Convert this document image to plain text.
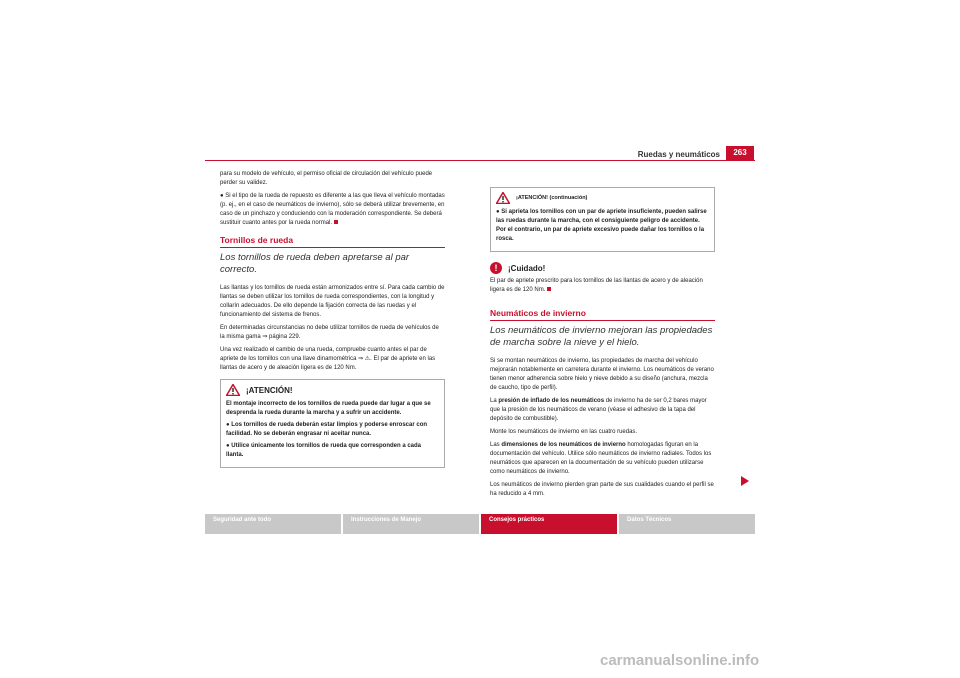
Ruedas y neumáticos	263

para su modelo de vehículo, el permiso oficial de circulación del vehículo puede perder su validez.

● Si el tipo de la rueda de repuesto es diferente a las que lleva el vehículo montadas (p. ej., en el caso de neumáticos de invierno), sólo se deberá utilizar brevemente, en caso de un pinchazo y conduciendo con la moderación correspondiente. Se deberá sustituir cuanto antes por la rueda normal.

Tornillos de rueda
Los tornillos de rueda deben apretarse al par correcto.

Las llantas y los tornillos de rueda están armonizados entre sí. Para cada cambio de llantas se deben utilizar los tornillos de rueda correspondientes, con la longitud y collarín adecuados. De ello depende la fijación correcta de las ruedas y el funcionamiento del sistema de frenos.

En determinadas circunstancias no debe utilizar tornillos de rueda de vehículos de la misma gama ⇒ página 229.

Una vez realizado el cambio de una rueda, compruebe cuanto antes el par de apriete de los tornillos con una llave dinamométrica ⇒ ⚠. El par de apriete en las llantas de acero y de aleación ligera es de 120 Nm.

¡ATENCIÓN!

El montaje incorrecto de los tornillos de rueda puede dar lugar a que se desprenda la rueda durante la marcha y a sufrir un accidente.

● Los tornillos de rueda deberán estar limpios y poderse enroscar con facilidad. No se deberán engrasar ni aceitar nunca.

● Utilice únicamente los tornillos de rueda que corresponden a cada llanta.

¡ATENCIÓN! (continuación)

● Si aprieta los tornillos con un par de apriete insuficiente, pueden salirse las ruedas durante la marcha, con el consiguiente peligro de accidente. Por el contrario, un par de apriete excesivo puede dañar los tornillos o la rosca.

!	¡Cuidado!

El par de apriete prescrito para los tornillos de las llantas de acero y de aleación ligera es de 120 Nm.

Neumáticos de invierno
Los neumáticos de invierno mejoran las propiedades de marcha sobre la nieve y el hielo.

Si se montan neumáticos de invierno, las propiedades de marcha del vehículo mejorarán notablemente en carretera durante el invierno. Los neumáticos de verano tienen menor adherencia sobre hielo y nieve debido a su diseño (anchura, mezcla de caucho, tipo de perfil).

La presión de inflado de los neumáticos de invierno ha de ser 0,2 bares mayor que la presión de los neumáticos de verano (véase el adhesivo de la tapa del depósito de combustible).

Monte los neumáticos de invierno en las cuatro ruedas.

Las dimensiones de los neumáticos de invierno homologadas figuran en la documentación del vehículo. Utilice sólo neumáticos de invierno radiales. Todos los neumáticos que aparecen en la documentación de su vehículo pueden utilizarse como neumáticos de invierno.

Los neumáticos de invierno pierden gran parte de sus cualidades cuando el perfil se ha reducido a 4 mm.

Seguridad ante todo	Instrucciones de Manejo	Consejos prácticos	Datos Técnicos
carmanualsonline.info
